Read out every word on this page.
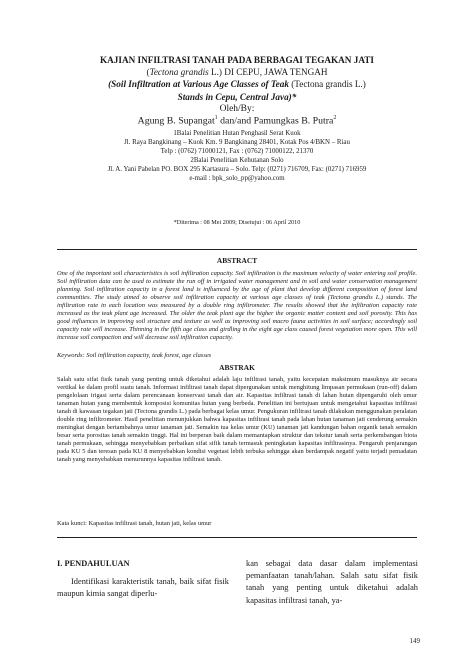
KAJIAN INFILTRASI TANAH PADA BERBAGAI TEGAKAN JATI
(Tectona grandis L.) DI CEPU, JAWA TENGAH
(Soil Infiltration at Various Age Classes of Teak (Tectona grandis L.)
Stands in Cepu, Central Java)*
Oleh/By:
Agung B. Supangat$^1$ dan/and Pamungkas B. Putra$^2$
1Balai Penelitian Hutan Penghasil Serat Kuok
Jl. Raya Bangkinang – Kuok Km. 9 Bangkinang 28401, Kotak Pos 4/BKN – Riau
Telp : (0762) 71000121, Fax : (0762) 71000122, 21370
2Balai Penelitian Kehutanan Solo
Jl. A. Yani Pabelan PO. BOX 295 Kartasura – Solo. Telp: (0271) 716709, Fax: (0271) 716959
e-mail : bpk_solo_pp@yahoo.com
*Diterima : 08 Mei 2009; Disetujui : 06 April 2010
ABSTRACT
One of the important soil characteristics is soil infiltration capacity. Soil infiltration is the maximum velocity of water entering soil profile. Soil infiltration data can be used to estimate the run off in irrigated water management and in soil and water conservation management planning. Soil infiltration capacity in a forest land is influenced by the age of plant that develop different composition of forest land communities. The study aimed to observe soil infiltration capacity at various age classes of teak (Tectona grandis L.) stands. The infiltration rate in each location was measured by a double ring infiltrometer. The results showed that the infiltration capacity rate increased as the teak plant age increased. The older the teak plant age the higher the organic matter content and soil porosity. This has good influences in improving soil structure and texture as well as improving soil macro fauna activities in soil surface; accordingly soil capacity rate will increase. Thinning in the fifth age class and girdling in the eight age class caused forest vegetation more open. This will increase soil compaction and will decrease soil infiltration capacity.
Keywords: Soil infiltration capacity, teak forest, age classes
ABSTRAK
Salah satu sifat fisik tanah yang penting untuk diketahui adalah laju infiltrasi tanah, yaitu kecepatan maksimum masuknya air secara vertikal ke dalam profil suatu tanah. Informasi infiltrasi tanah dapat dipergunakan untuk menghitung limpasan permukaan (run-off) dalam pengelolaan irigasi serta dalam perencanaan konservasi tanah dan air. Kapasitas infiltrasi tanah di lahan hutan dipengaruhi oleh umur tanaman hutan yang membentuk komposisi komunitas hutan yang berbeda. Penelitian ini bertujuan untuk mengetahui kapasitas infiltrasi tanah di kawasan tegakan jati (Tectona grandis L.) pada berbagai kelas umur. Pengukuran infiltrasi tanah dilakukan menggunakan peralatan double ring infiltrometer. Hasil penelitian menunjukkan bahwa kapasitas infiltrasi tanah pada lahan hutan tanaman jati cenderung semakin meningkat dengan bertambahnya umur tanaman jati. Semakin tua kelas umur (KU) tanaman jati kandungan bahan organik tanah semakin besar serta porositas tanah semakin tinggi. Hal ini berperan baik dalam memantapkan struktur dan tekstur tanah serta perkembangan biota tanah permukaan, sehingga menyebabkan perbaikan sifat sifik tanah termasuk peningkatan kapasitas infiltrasinya. Pengaruh penjarangan pada KU 5 dan teresan pada KU 8 menyebabkan kondisi vegetasi lebih terbuka sehingga akan berdampak negatif yaitu terjadi pemadatan tanah yang menyebabkan menurunnya kapasitas infiltrasi tanah.
Kata kunci: Kapasitas infiltrasi tanah, hutan jati, kelas umur
I. PENDAHULUAN

Identifikasi karakteristik tanah, baik sifat fisik maupun kimia sangat diperlu-

kan sebagai data dasar dalam implementasi pemanfaatan tanah/lahan. Salah satu sifat fisik tanah yang penting untuk diketahui adalah kapasitas infiltrasi tanah, ya-

149
